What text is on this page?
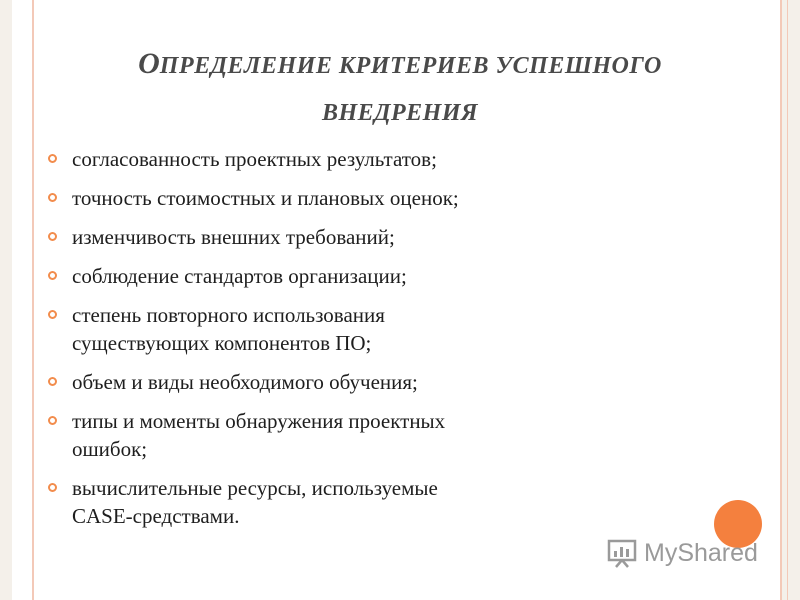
ОПРЕДЕЛЕНИЕ КРИТЕРИЕВ УСПЕШНОГО
ВНЕДРЕНИЯ
согласованность проектных результатов;
точность стоимостных и плановых оценок;
изменчивость внешних требований;
соблюдение стандартов организации;
степень повторного использования
существующих компонентов ПО;
объем и виды необходимого обучения;
типы и моменты обнаружения проектных
ошибок;
вычислительные ресурсы, используемые
CASE-средствами.
MyShared
